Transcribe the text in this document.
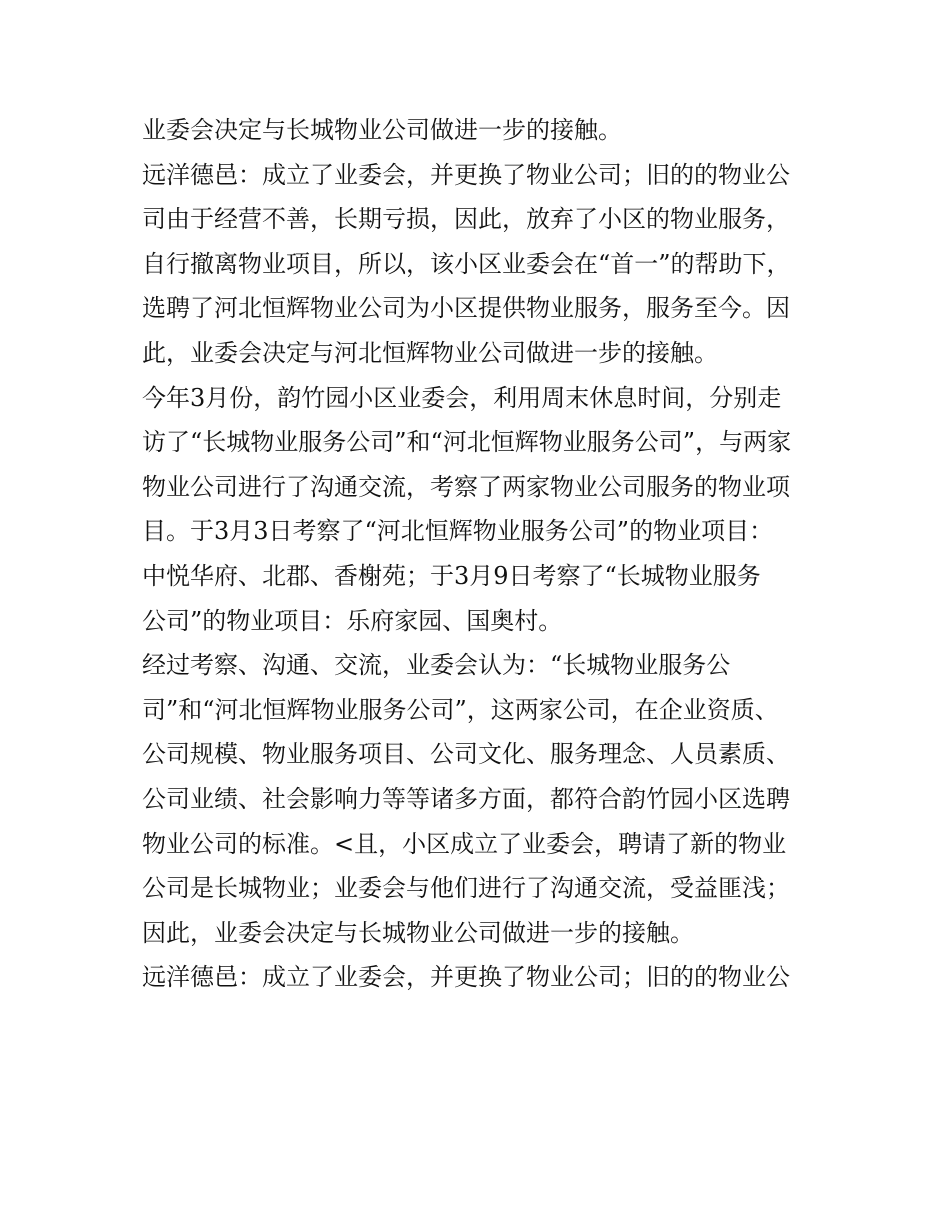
业委会决定与长城物业公司做进一步的接触。
远洋德邑：成立了业委会，并更换了物业公司；旧的的物业公
司由于经营不善，长期亏损，因此，放弃了小区的物业服务，
自行撤离物业项目，所以，该小区业委会在“首一”的帮助下，
选聘了河北恒辉物业公司为小区提供物业服务，服务至今。因
此，业委会决定与河北恒辉物业公司做进一步的接触。
今年3月份，韵竹园小区业委会，利用周末休息时间，分别走
访了“长城物业服务公司”和“河北恒辉物业服务公司”，与两家
物业公司进行了沟通交流，考察了两家物业公司服务的物业项
目。于3月3日考察了“河北恒辉物业服务公司”的物业项目：
中悦华府、北郡、香榭苑；于3月9日考察了“长城物业服务
公司”的物业项目：乐府家园、国奥村。
经过考察、沟通、交流，业委会认为：“长城物业服务公
司”和“河北恒辉物业服务公司”，这两家公司，在企业资质、
公司规模、物业服务项目、公司文化、服务理念、人员素质、
公司业绩、社会影响力等等诸多方面，都符合韵竹园小区选聘
物业公司的标准。<且，小区成立了业委会，聘请了新的物业
公司是长城物业；业委会与他们进行了沟通交流，受益匪浅；
因此，业委会决定与长城物业公司做进一步的接触。
远洋德邑：成立了业委会，并更换了物业公司；旧的的物业公
